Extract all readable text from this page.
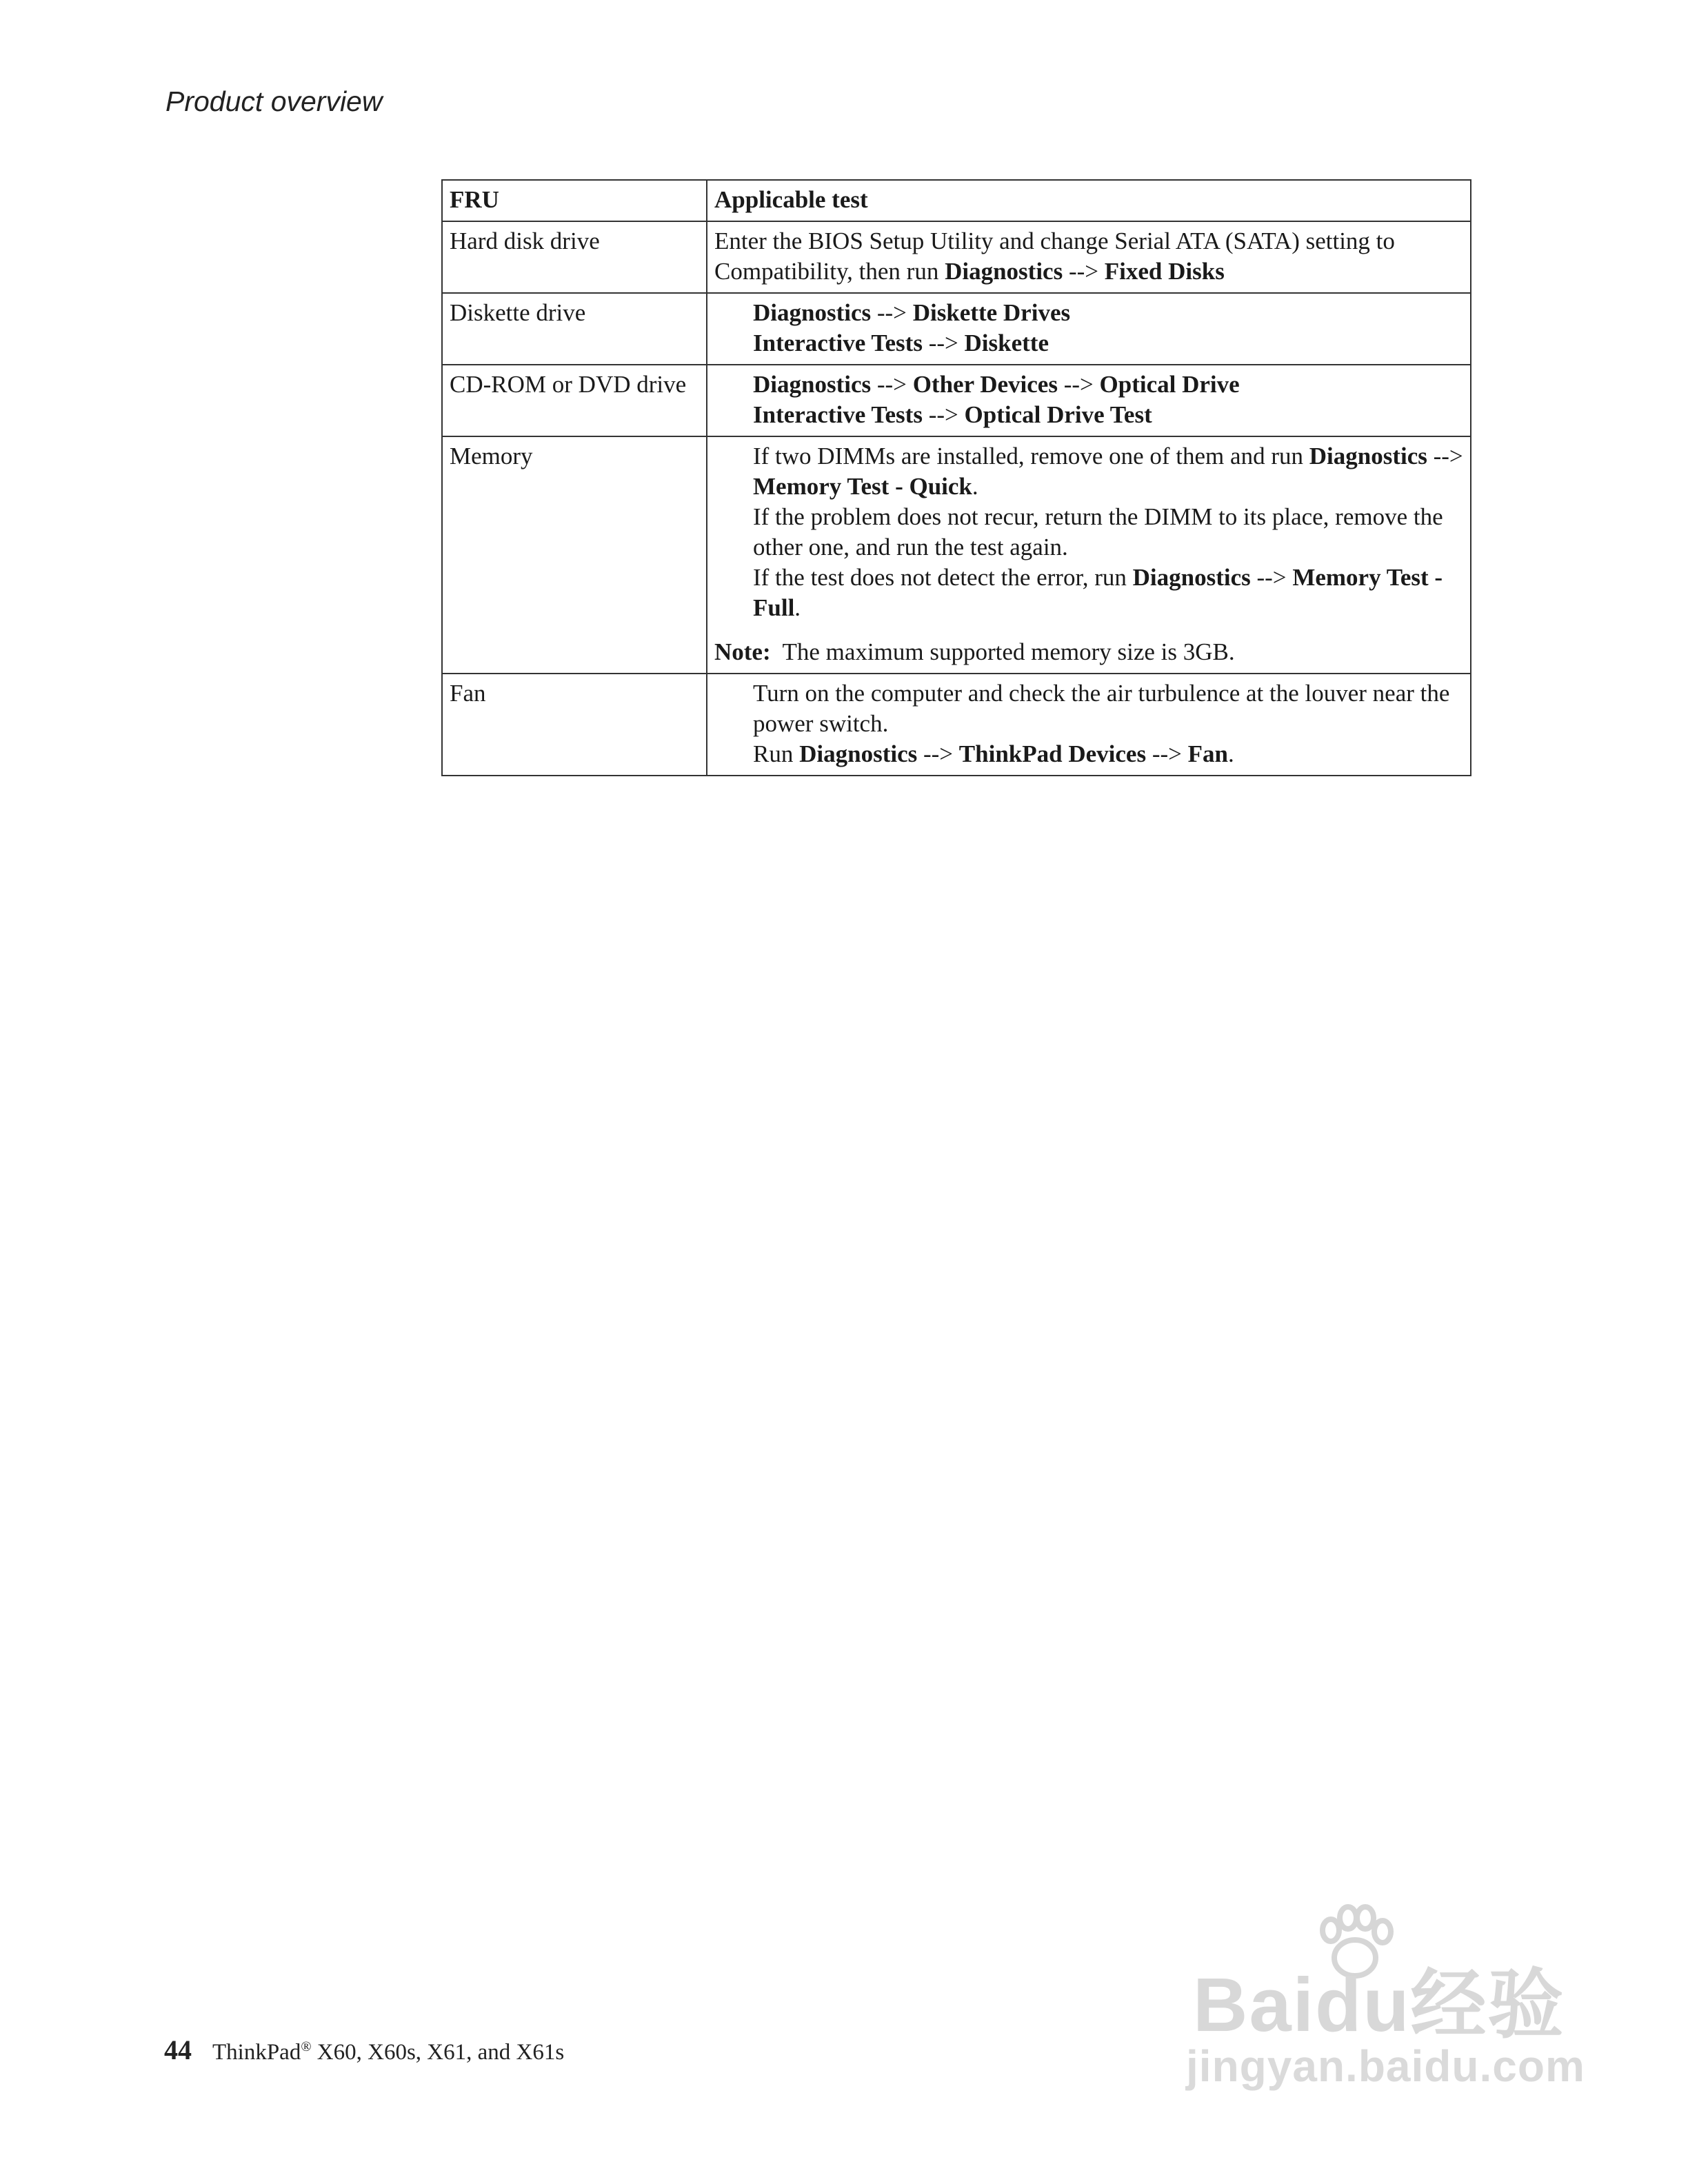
Product overview
FRU	Applicable test
Hard disk drive	Enter the BIOS Setup Utility and change Serial ATA (SATA) setting to Compatibility, then run Diagnostics --> Fixed Disks
Diskette drive	Diagnostics --> Diskette Drives
Interactive Tests --> Diskette

CD-ROM or DVD drive	Diagnostics --> Other Devices --> Optical Drive
Interactive Tests --> Optical Drive Test

Memory	If two DIMMs are installed, remove one of them and run Diagnostics --> Memory Test - Quick.
If the problem does not recur, return the DIMM to its place, remove the other one, and run the test again.
If the test does not detect the error, run Diagnostics --> Memory Test - Full.
Note:  The maximum supported memory size is 3GB.

Fan	Turn on the computer and check the air turbulence at the louver near the power switch.
Run Diagnostics --> ThinkPad Devices --> Fan.
44 ThinkPad® X60, X60s, X61, and X61s
Baidu经验
jingyan.baidu.com
